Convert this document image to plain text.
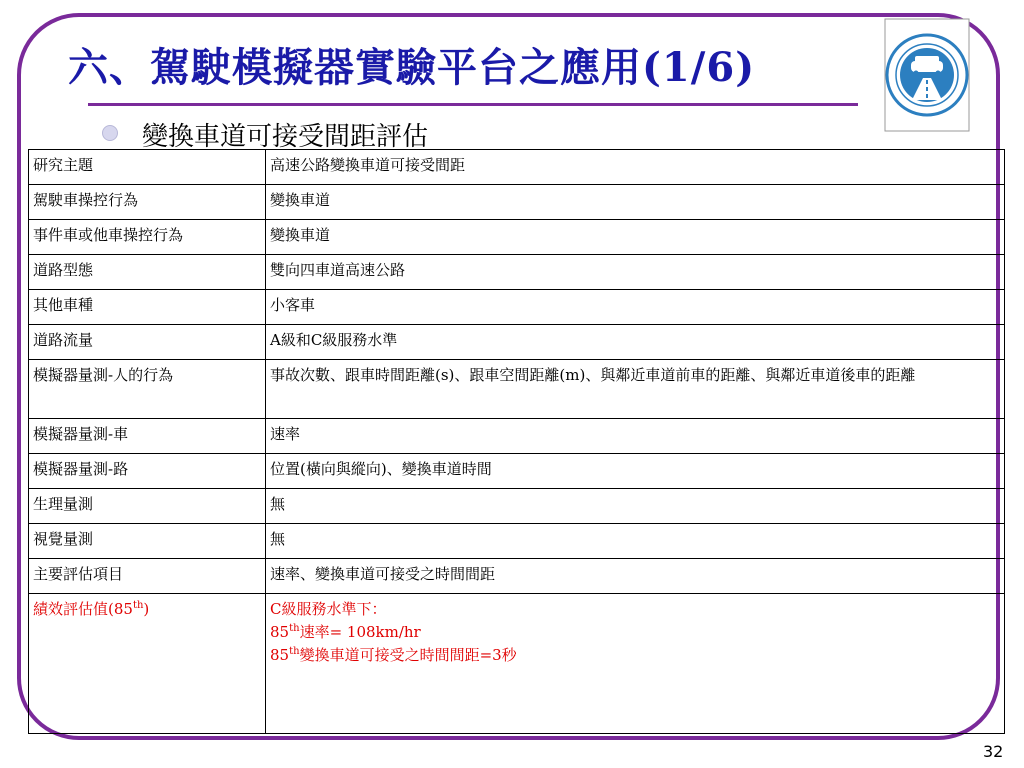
六、駕駛模擬器實驗平台之應用(1/6)
變換車道可接受間距評估
研究主題	高速公路變換車道可接受間距
駕駛車操控行為	變換車道
事件車或他車操控行為	變換車道
道路型態	雙向四車道高速公路
其他車種	小客車
道路流量	A級和C級服務水準
模擬器量測-人的行為	事故次數、跟車時間距離(s)、跟車空間距離(m)、與鄰近車道前車的距離、與鄰近車道後車的距離
模擬器量測-車	速率
模擬器量測-路	位置(橫向與縱向)、變換車道時間
生理量測	無
視覺量測	無
主要評估項目	速率、變換車道可接受之時間間距
績效評估值(85th)	C級服務水準下：
85th速率= 108km/hr
85th變換車道可接受之時間間距=3秒
32
